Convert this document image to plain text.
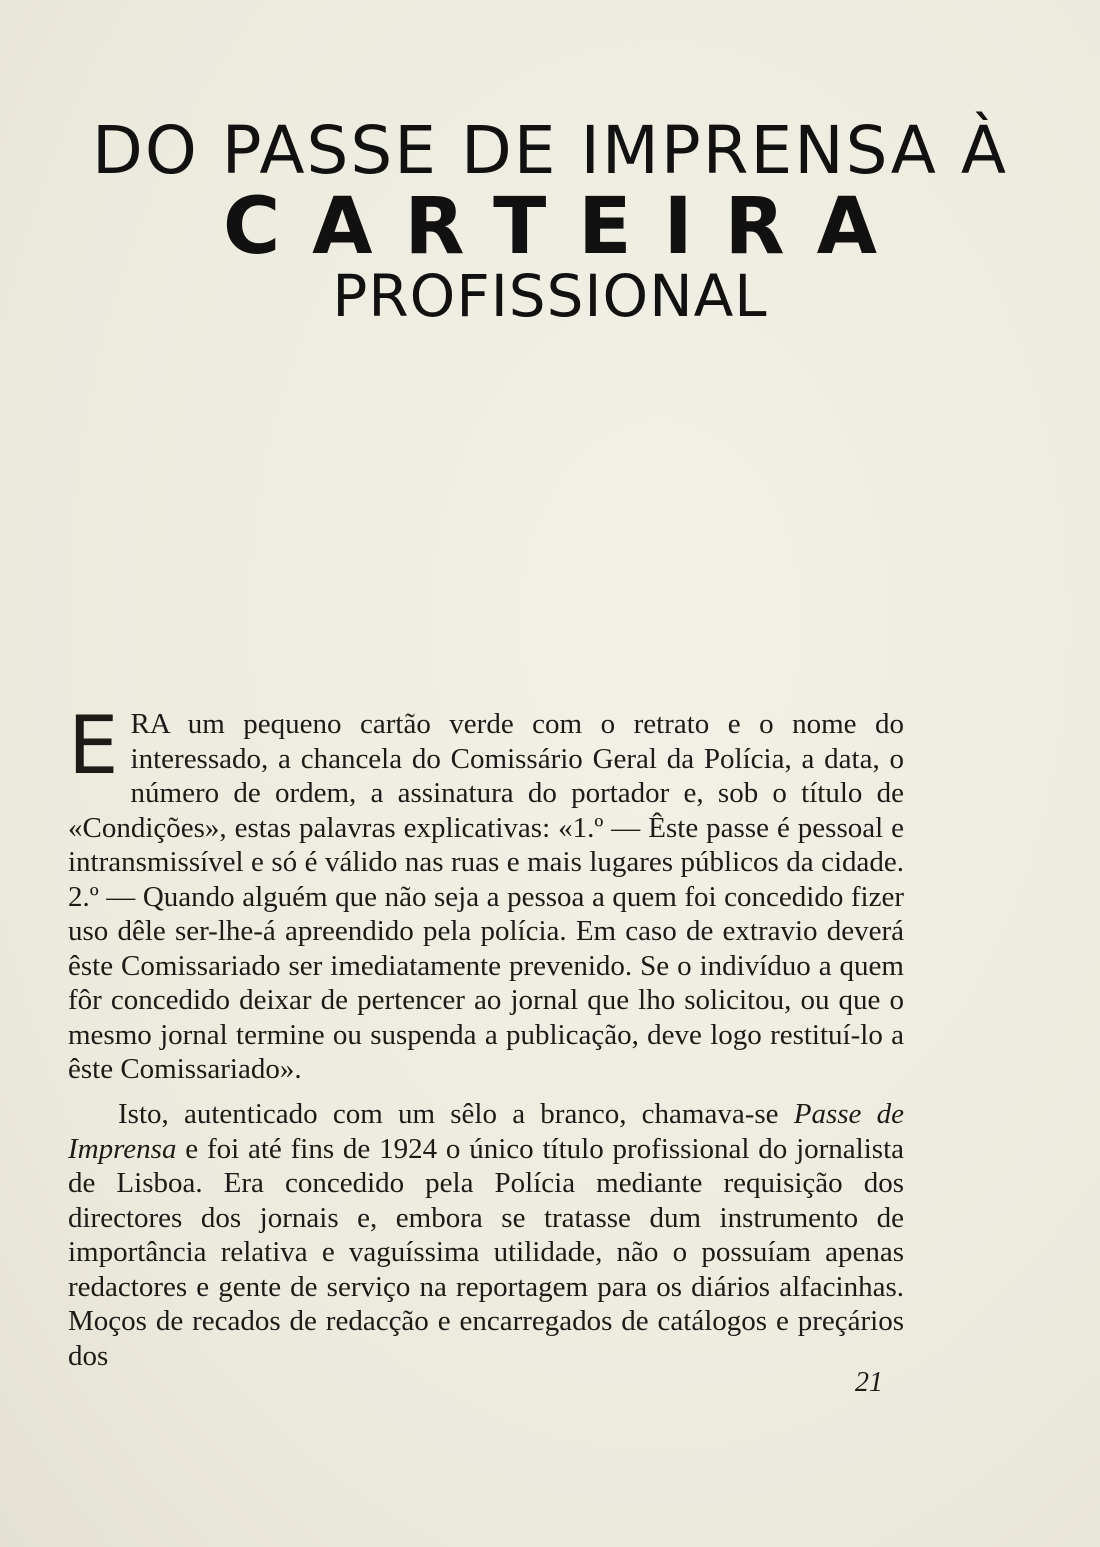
DO PASSE DE IMPRENSA À
CARTEIRA
PROFISSIONAL
ERA um pequeno cartão verde com o retrato e o nome do interessado, a chancela do Comissário Geral da Polícia, a data, o número de ordem, a assinatura do portador e, sob o título de «Condições», estas palavras explicativas: «1.º — Êste passe é pessoal e intransmissível e só é válido nas ruas e mais lugares públicos da cidade. 2.º — Quando alguém que não seja a pessoa a quem foi concedido fizer uso dêle ser-lhe-á apreendido pela polícia. Em caso de extravio deverá êste Comissariado ser imediatamente prevenido. Se o indivíduo a quem fôr concedido deixar de pertencer ao jornal que lho solicitou, ou que o mesmo jornal termine ou suspenda a publicação, deve logo restituí-lo a êste Comissariado».
Isto, autenticado com um sêlo a branco, chamava-se Passe de Imprensa e foi até fins de 1924 o único título profissional do jornalista de Lisboa. Era concedido pela Polícia mediante requisição dos directores dos jornais e, embora se tratasse dum instrumento de importância relativa e vaguíssima utilidade, não o possuíam apenas redactores e gente de serviço na reportagem para os diários alfacinhas. Moços de recados de redacção e encarregados de catálogos e preçários dos
21
